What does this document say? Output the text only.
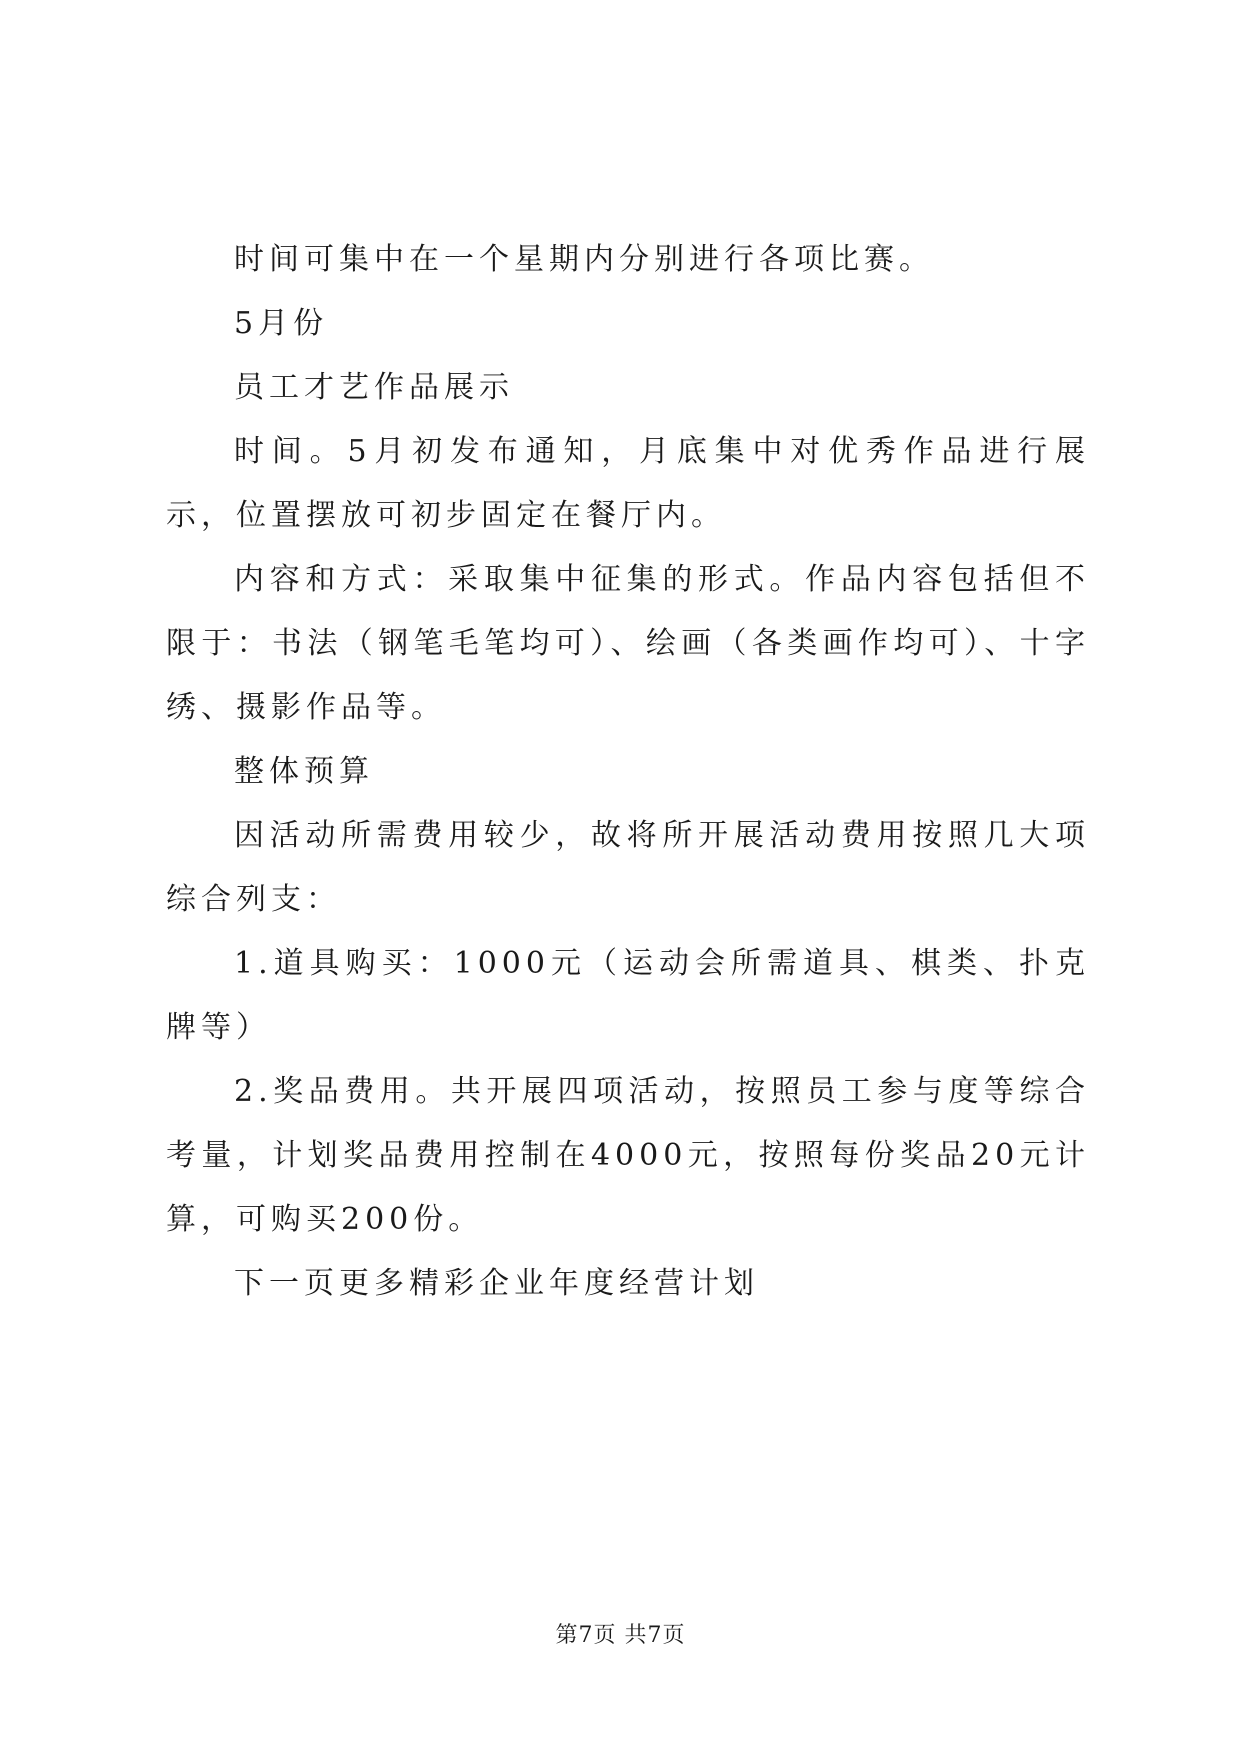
时间可集中在一个星期内分别进行各项比赛。

5月份

员工才艺作品展示

时间。5月初发布通知，月底集中对优秀作品进行展示，位置摆放可初步固定在餐厅内。

内容和方式：采取集中征集的形式。作品内容包括但不限于：书法（钢笔毛笔均可）、绘画（各类画作均可）、十字绣、摄影作品等。

整体预算

因活动所需费用较少，故将所开展活动费用按照几大项综合列支：

1.道具购买：1000元（运动会所需道具、棋类、扑克牌等）

2.奖品费用。共开展四项活动，按照员工参与度等综合考量，计划奖品费用控制在4000元，按照每份奖品20元计算，可购买200份。

下一页更多精彩企业年度经营计划

第7页 共7页
